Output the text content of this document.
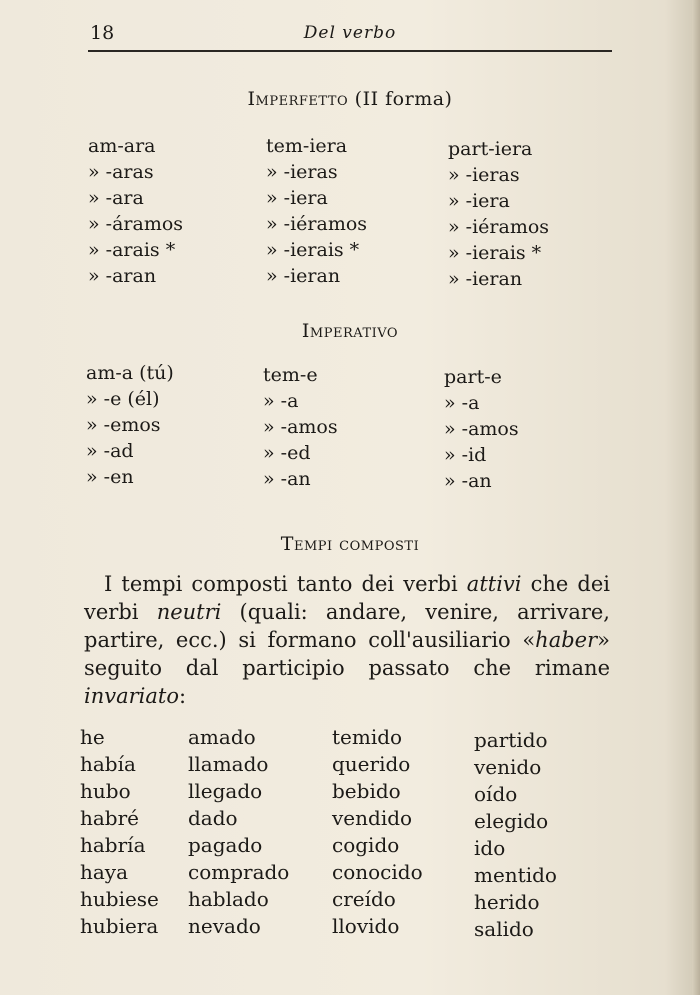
18	Del verbo
Imperfetto (II forma)
am-ara
» -aras
» -ara
» -áramos
» -arais *
» -aran
tem-iera
» -ieras
» -iera
» -iéramos
» -ierais *
» -ieran
part-iera
» -ieras
» -iera
» -iéramos
» -ierais *
» -ieran
Imperativo
am-a (tú)
» -e (él)
» -emos
» -ad
» -en
tem-e
» -a
» -amos
» -ed
» -an
part-e
» -a
» -amos
» -id
» -an
Tempi composti

I tempi composti tanto dei verbi attivi che dei verbi neutri (quali: andare, venire, arrivare, partire, ecc.) si formano coll'ausiliario «haber» seguito dal participio passato che rimane invariato:

he
había
hubo
habré
habría
haya
hubiese
hubiera
amado
llamado
llegado
dado
pagado
comprado
hablado
nevado
temido
querido
bebido
vendido
cogido
conocido
creído
llovido
partido
venido
oído
elegido
ido
mentido
herido
salido
